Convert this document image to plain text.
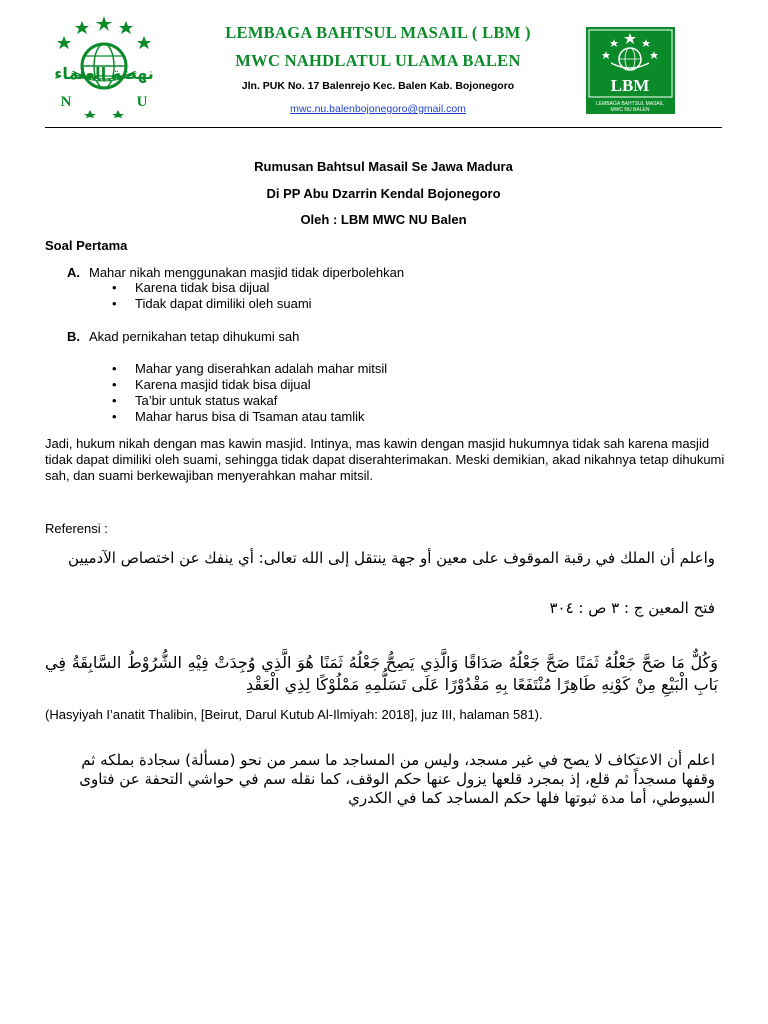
نهضة العلماء
N	U
LEMBAGA BAHTSUL MASAIL ( LBM )
MWC NAHDLATUL ULAMA BALEN
Jln. PUK No. 17 Balenrejo Kec. Balen Kab. Bojonegoro
mwc.nu.balenbojonegoro@gmail.com
LBM
LEMBAGA BAHTSUL MASAIL
MWC NU BALEN
Rumusan Bahtsul Masail Se Jawa Madura
Di PP Abu Dzarrin Kendal Bojonegoro
Oleh : LBM MWC NU Balen
Soal Pertama
A. Mahar nikah menggunakan masjid tidak diperbolehkan
• Karena tidak bisa dijual
• Tidak dapat dimiliki oleh suami
B. Akad pernikahan tetap dihukumi sah
• Mahar yang diserahkan adalah mahar mitsil
• Karena masjid tidak bisa dijual
• Ta’bir untuk status wakaf
• Mahar harus bisa di Tsaman atau tamlik

Jadi, hukum nikah dengan mas kawin masjid. Intinya, mas kawin dengan masjid hukumnya tidak sah karena masjid tidak dapat dimiliki oleh suami, sehingga tidak dapat diserahterimakan. Meski demikian, akad nikahnya tetap dihukumi sah, dan suami berkewajiban menyerahkan mahar mitsil.

Referensi :

واعلم أن الملك في رقبة الموقوف على معين أو جهة ينتقل إلى الله تعالى: أي ينفك عن اختصاص الآدميين

فتح المعين ج : ٣ ص : ٣٠٤

وَكُلٌّ مَا صَحَّ جَعْلُهُ ثَمَنًا صَحَّ جَعْلُهُ صَدَاقًا وَالَّذِي يَصِحُّ جَعْلُهُ ثَمَنًا هُوَ الَّذِي وُجِدَتْ فِيْهِ الشُّرُوْطُ السَّابِقَةُ فِي بَابِ الْبَيْعِ مِنْ كَوْنِهِ طَاهِرًا مُنْتَفَعًا بِهِ مَقْدُوْرًا عَلَى تَسَلُّمِهِ مَمْلُوْكًا لِذِي الْعَقْدِ

(Hasyiyah I’anatit Thalibin, [Beirut, Darul Kutub Al-Ilmiyah: 2018], juz III, halaman 581).

اعلم أن الاعتكاف لا يصح في غير مسجد، وليس من المساجد ما سمر من نحو (مسألة) سجادة بملكه ثم وقفها مسجداً ثم قلع، إذ بمجرد قلعها يزول عنها حكم الوقف، كما نقله سم في حواشي التحفة عن فتاوى السيوطي، أما مدة ثبوتها فلها حكم المساجد كما في الكدري
